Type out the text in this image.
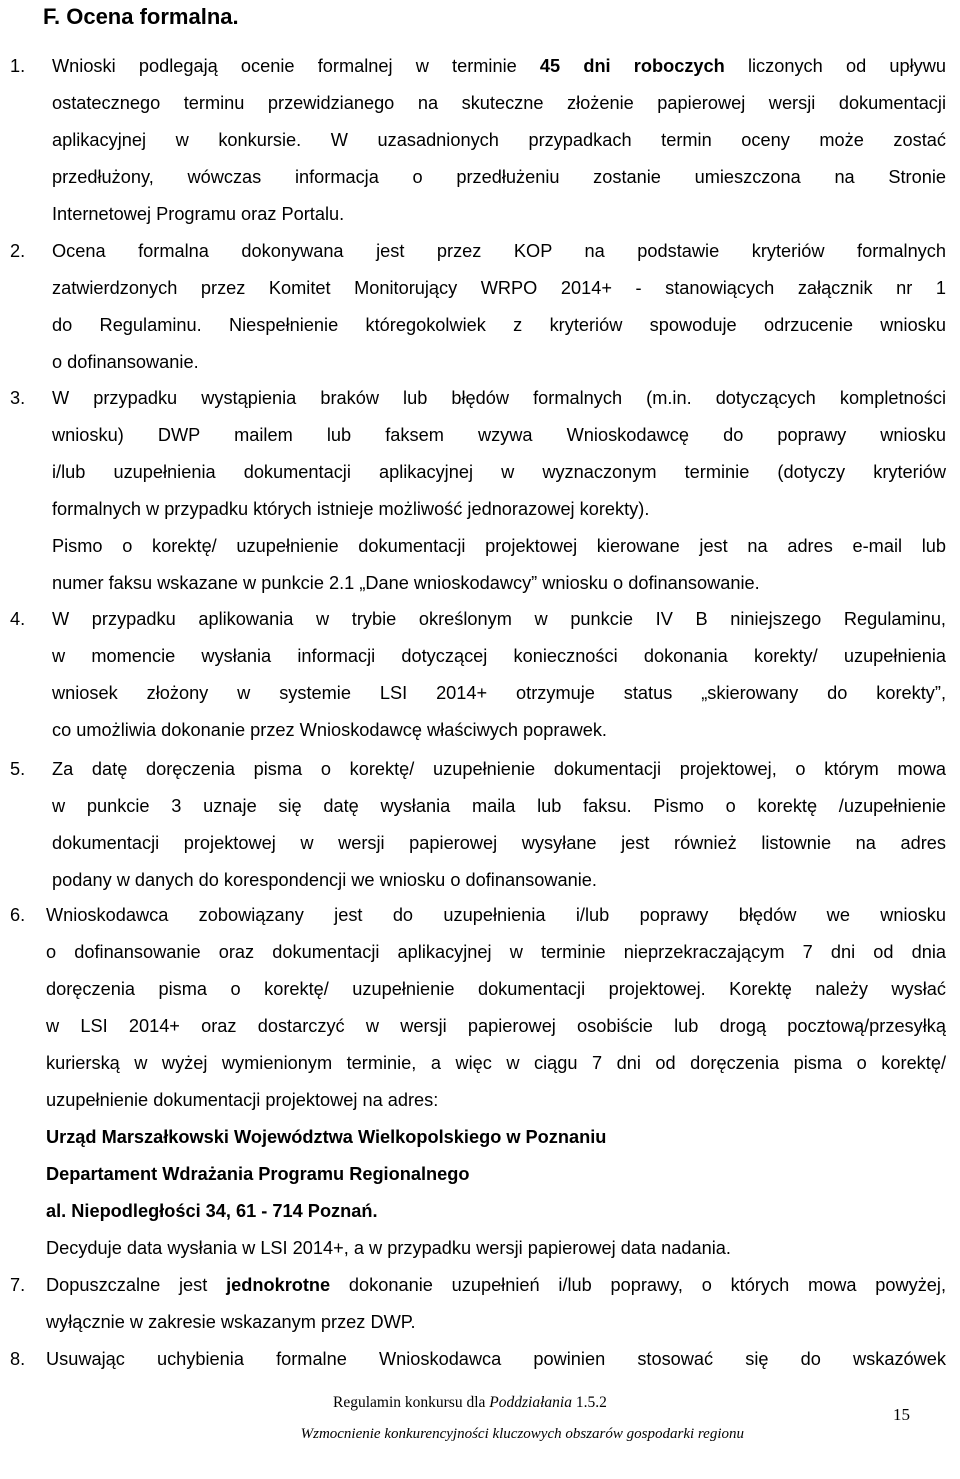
F. Ocena formalna.
1. Wnioski podlegają ocenie formalnej w terminie 45 dni roboczych liczonych od upływu
ostatecznego terminu przewidzianego na skuteczne złożenie papierowej wersji dokumentacji
aplikacyjnej w konkursie. W uzasadnionych przypadkach termin oceny może zostać
przedłużony, wówczas informacja o przedłużeniu zostanie umieszczona na Stronie
Internetowej Programu oraz Portalu.
2. Ocena formalna dokonywana jest przez KOP na podstawie kryteriów formalnych
zatwierdzonych przez Komitet Monitorujący WRPO 2014+ - stanowiących załącznik nr 1
do Regulaminu. Niespełnienie któregokolwiek z kryteriów spowoduje odrzucenie wniosku
o dofinansowanie.
3. W przypadku wystąpienia braków lub błędów formalnych (m.in. dotyczących kompletności
wniosku) DWP mailem lub faksem wzywa Wnioskodawcę do poprawy wniosku
i/lub uzupełnienia dokumentacji aplikacyjnej w wyznaczonym terminie (dotyczy kryteriów
formalnych w przypadku których istnieje możliwość jednorazowej korekty).
Pismo o korektę/ uzupełnienie dokumentacji projektowej kierowane jest na adres e-mail lub
numer faksu wskazane w punkcie 2.1 „Dane wnioskodawcy” wniosku o dofinansowanie.
4. W przypadku aplikowania w trybie określonym w punkcie IV B niniejszego Regulaminu,
w momencie wysłania informacji dotyczącej konieczności dokonania korekty/ uzupełnienia
wniosek złożony w systemie LSI 2014+ otrzymuje status „skierowany do korekty”,
co umożliwia dokonanie przez Wnioskodawcę właściwych poprawek.
5. Za datę doręczenia pisma o korektę/ uzupełnienie dokumentacji projektowej, o którym mowa
w punkcie 3 uznaje się datę wysłania maila lub faksu. Pismo o korektę /uzupełnienie
dokumentacji projektowej w wersji papierowej wysyłane jest również listownie na adres
podany w danych do korespondencji we wniosku o dofinansowanie.
6. Wnioskodawca zobowiązany jest do uzupełnienia i/lub poprawy błędów we wniosku
o dofinansowanie oraz dokumentacji aplikacyjnej w terminie nieprzekraczającym 7 dni od dnia
doręczenia pisma o korektę/ uzupełnienie dokumentacji projektowej. Korektę należy wysłać
w LSI 2014+ oraz dostarczyć w wersji papierowej osobiście lub drogą pocztową/przesyłką
kurierską w wyżej wymienionym terminie, a więc w ciągu 7 dni od doręczenia pisma o korektę/
uzupełnienie dokumentacji projektowej na adres:
Urząd Marszałkowski Województwa Wielkopolskiego w Poznaniu
Departament Wdrażania Programu Regionalnego
al. Niepodległości 34, 61 - 714 Poznań.
Decyduje data wysłania w LSI 2014+, a w przypadku wersji papierowej data nadania.
7. Dopuszczalne jest jednokrotne dokonanie uzupełnień i/lub poprawy, o których mowa powyżej,
wyłącznie w zakresie wskazanym przez DWP.
8. Usuwając uchybienia formalne Wnioskodawca powinien stosować się do wskazówek
Regulamin konkursu dla Poddziałania 1.5.2
Wzmocnienie konkurencyjności kluczowych obszarów gospodarki regionu
15
